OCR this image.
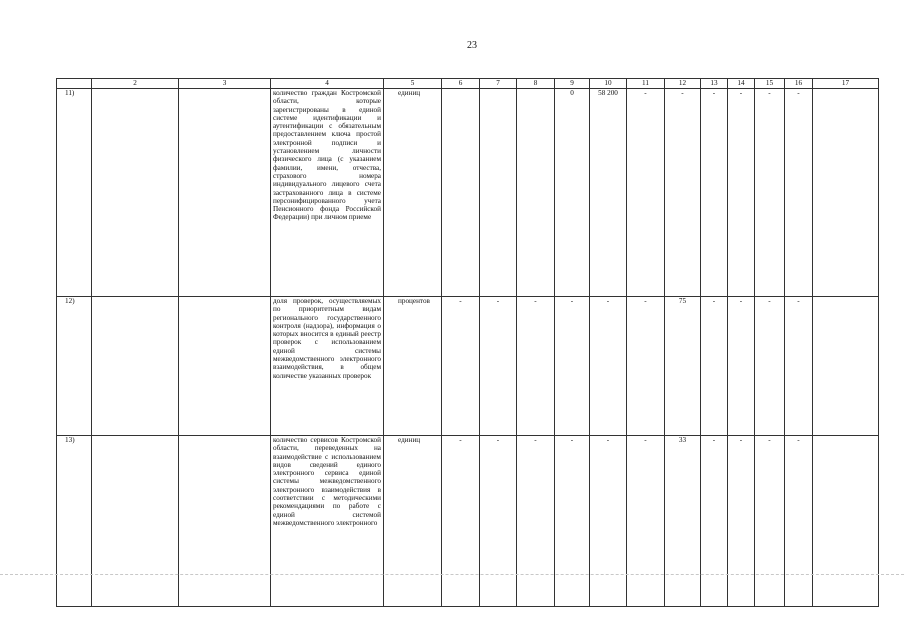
23
	2	3	4	5	6	7	8	9	10	11	12	13	14	15	16	17
11)			количество граждан Костромской области, которые зарегистрированы в единой системе идентификации и аутентификации с обязательным предоставлением ключа простой электронной подписи и установлением личности физического лица (с указанием фамилии, имени, отчества, страхового номера индивидуального лицевого счета застрахованного лица в системе персонифицированного учета Пенсионного фонда Российской Федерации) при личном приеме	единиц				0	58 200	-	-	-	-	-	-	
12)			доля проверок, осуществляемых по приоритетным видам регионального государственного контроля (надзора), информация о которых вносится в единый реестр проверок с использованием единой системы межведомственного электронного взаимодействия, в общем количестве указанных проверок	процентов	-	-	-	-	-	-	75	-	-	-	-	
13)			количество сервисов Костромской области, переведенных на взаимодействие с использованием видов сведений единого электронного сервиса единой системы межведомственного электронного взаимодействия в соответствии с методическими рекомендациями по работе с единой системой межведомственного электронного	единиц	-	-	-	-	-	-	33	-	-	-	-	
